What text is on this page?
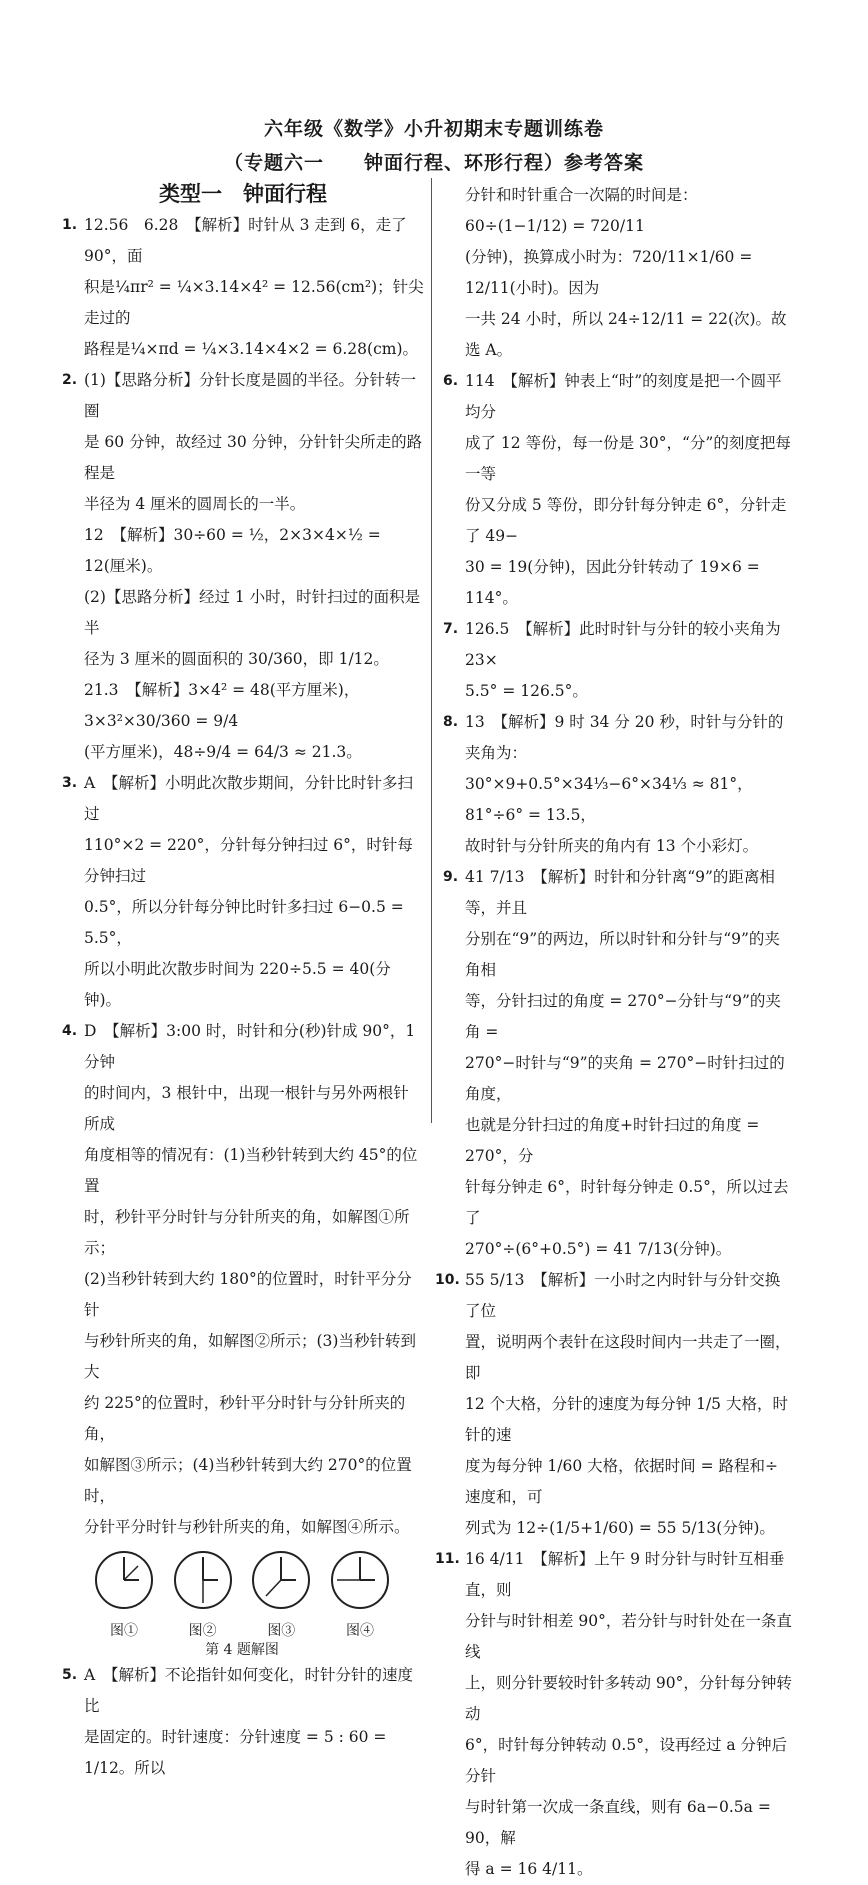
六年级《数学》小升初期末专题训练卷
（专题六一 钟面行程、环形行程）参考答案
类型一　钟面行程
1. 12.56　6.28　【解析】时针从 3 走到 6，走了 90°，面
积是¼πr² = ¼×3.14×4² = 12.56(cm²)；针尖走过的
路程是¼×πd = ¼×3.14×4×2 = 6.28(cm)。
2. (1)【思路分析】分针长度是圆的半径。分针转一圈
是 60 分钟，故经过 30 分钟，分针针尖所走的路程是
半径为 4 厘米的圆周长的一半。
12　【解析】30÷60 = ½，2×3×4×½ = 12(厘米)。
(2)【思路分析】经过 1 小时，时针扫过的面积是半
径为 3 厘米的圆面积的 30/360，即 1/12。
21.3　【解析】3×4² = 48(平方厘米)，3×3²×30/360 = 9/4
(平方厘米)，48÷9/4 = 64/3 ≈ 21.3。
3. A　【解析】小明此次散步期间，分针比时针多扫过
110°×2 = 220°，分针每分钟扫过 6°，时针每分钟扫过
0.5°，所以分针每分钟比时针多扫过 6−0.5 = 5.5°，
所以小明此次散步时间为 220÷5.5 = 40(分钟)。
4. D　【解析】3:00 时，时针和分(秒)针成 90°，1 分钟
的时间内，3 根针中，出现一根针与另外两根针所成
角度相等的情况有：(1)当秒针转到大约 45°的位置
时，秒针平分时针与分针所夹的角，如解图①所示；
(2)当秒针转到大约 180°的位置时，时针平分分针
与秒针所夹的角，如解图②所示；(3)当秒针转到大
约 225°的位置时，秒针平分时针与分针所夹的角，
如解图③所示；(4)当秒针转到大约 270°的位置时，
分针平分时针与秒针所夹的角，如解图④所示。
图①	图②	图③	图④
第 4 题解图
5. A　【解析】不论指针如何变化，时针分针的速度比
是固定的。时针速度：分针速度 = 5 : 60 = 1/12。所以
分针和时针重合一次隔的时间是：60÷(1−1/12) = 720/11
(分钟)，换算成小时为：720/11×1/60 = 12/11(小时)。因为
一共 24 小时，所以 24÷12/11 = 22(次)。故选 A。
6. 114　【解析】钟表上“时”的刻度是把一个圆平均分
成了 12 等份，每一份是 30°，“分”的刻度把每一等
份又分成 5 等份，即分针每分钟走 6°，分针走了 49−
30 = 19(分钟)，因此分针转动了 19×6 = 114°。
7. 126.5　【解析】此时时针与分针的较小夹角为 23×
5.5° = 126.5°。
8. 13　【解析】9 时 34 分 20 秒，时针与分针的夹角为：
30°×9+0.5°×34⅓−6°×34⅓ ≈ 81°，81°÷6° = 13.5，
故时针与分针所夹的角内有 13 个小彩灯。
9. 41 7/13　【解析】时针和分针离“9”的距离相等，并且
分别在“9”的两边，所以时针和分针与“9”的夹角相
等，分针扫过的角度 = 270°−分针与“9”的夹角 =
270°−时针与“9”的夹角 = 270°−时针扫过的角度，
也就是分针扫过的角度+时针扫过的角度 = 270°，分
针每分钟走 6°，时针每分钟走 0.5°，所以过去了
270°÷(6°+0.5°) = 41 7/13(分钟)。
10. 55 5/13　【解析】一小时之内时针与分针交换了位
置，说明两个表针在这段时间内一共走了一圈，即
12 个大格，分针的速度为每分钟 1/5 大格，时针的速
度为每分钟 1/60 大格，依据时间 = 路程和÷速度和，可
列式为 12÷(1/5+1/60) = 55 5/13(分钟)。
11. 16 4/11　【解析】上午 9 时分针与时针互相垂直，则
分针与时针相差 90°，若分针与时针处在一条直线
上，则分针要较时针多转动 90°，分针每分钟转动
6°，时针每分钟转动 0.5°，设再经过 a 分钟后分针
与时针第一次成一条直线，则有 6a−0.5a = 90，解
得 a = 16 4/11。
